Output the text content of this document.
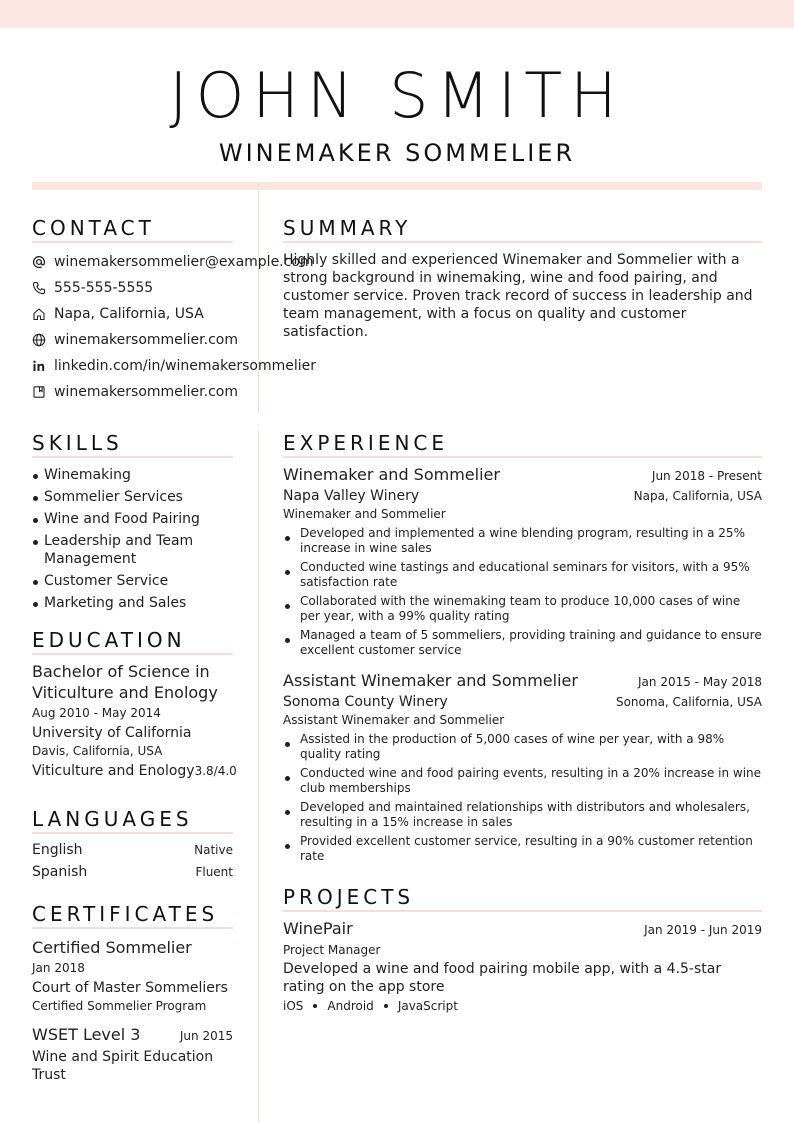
JOHN SMITH
WINEMAKER SOMMELIER
CONTACT
winemakersommelier@example.com
555-555-5555
Napa, California, USA
winemakersommelier.com
linkedin.com/in/winemakersommelier
winemakersommelier.com
SUMMARY
Highly skilled and experienced Winemaker and Sommelier with a strong background in winemaking, wine and food pairing, and customer service. Proven track record of success in leadership and team management, with a focus on quality and customer satisfaction.
SKILLS
Winemaking
Sommelier Services
Wine and Food Pairing
Leadership and Team Management
Customer Service
Marketing and Sales
EDUCATION
Bachelor of Science in Viticulture and Enology
Aug 2010 - May 2014
University of California
Davis, California, USA
Viticulture and Enology 3.8/4.0
LANGUAGES
English	Native
Spanish	Fluent
CERTIFICATES
Certified Sommelier
Jan 2018
Court of Master Sommeliers
Certified Sommelier Program
WSET Level 3	Jun 2015
Wine and Spirit Education Trust
EXPERIENCE
Winemaker and Sommelier	Jun 2018 - Present
Napa Valley Winery	Napa, California, USA
Winemaker and Sommelier
Developed and implemented a wine blending program, resulting in a 25% increase in wine sales
Conducted wine tastings and educational seminars for visitors, with a 95% satisfaction rate
Collaborated with the winemaking team to produce 10,000 cases of wine per year, with a 99% quality rating
Managed a team of 5 sommeliers, providing training and guidance to ensure excellent customer service
Assistant Winemaker and Sommelier	Jan 2015 - May 2018
Sonoma County Winery	Sonoma, California, USA
Assistant Winemaker and Sommelier
Assisted in the production of 5,000 cases of wine per year, with a 98% quality rating
Conducted wine and food pairing events, resulting in a 20% increase in wine club memberships
Developed and maintained relationships with distributors and wholesalers, resulting in a 15% increase in sales
Provided excellent customer service, resulting in a 90% customer retention rate
PROJECTS
WinePair	Jan 2019 - Jun 2019
Project Manager
Developed a wine and food pairing mobile app, with a 4.5-star rating on the app store
iOS Android JavaScript
